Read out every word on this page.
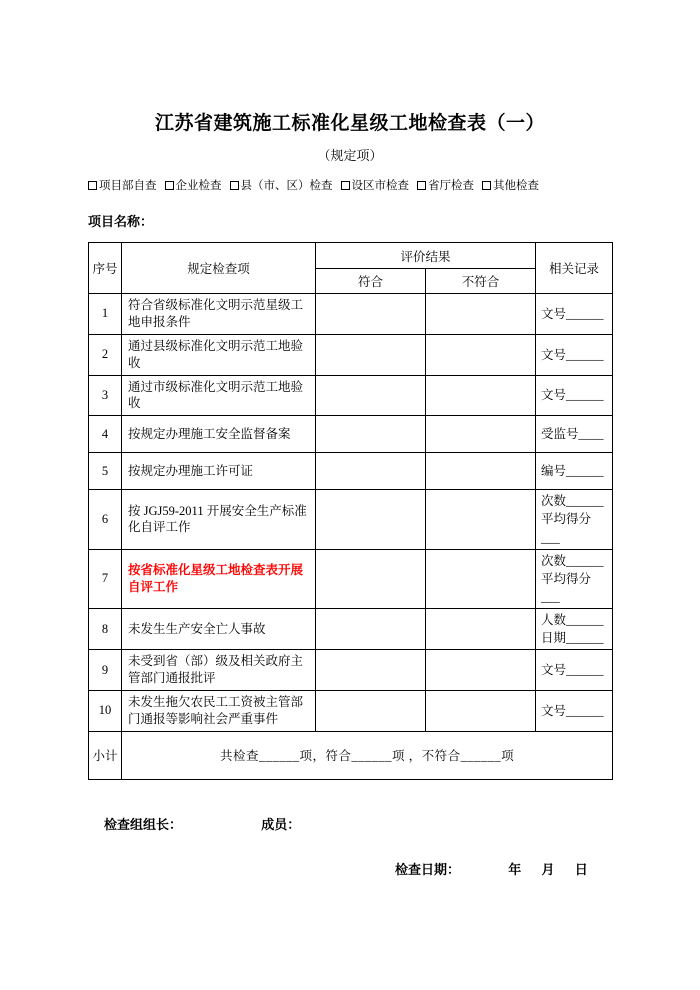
江苏省建筑施工标准化星级工地检查表（一）
（规定项）
项目部自查 企业检查 县（市、区）检查 设区市检查 省厅检查 其他检查
项目名称：
序号	规定检查项	评价结果		相关记录
		符合	不符合	
1	符合省级标准化文明示范星级工地申报条件			文号______

2	通过县级标准化文明示范工地验收			文号______

3	通过市级标准化文明示范工地验收			文号______

4	按规定办理施工安全监督备案			受监号____

5	按规定办理施工许可证			编号______

6	按 JGJ59-2011 开展安全生产标准化自评工作			次数______
平均得分___

7	按省标准化星级工地检查表开展自评工作			次数______
平均得分___

8	未发生生产安全亡人事故			人数______
日期______

9	未受到省（部）级及相关政府主管部门通报批评			文号______

10	未发生拖欠农民工工资被主管部门通报等影响社会严重事件			文号______

小计	共检查______项，符合______项 ，不符合______项			
检查组组长：	成员：
检查日期：	年 月 日
